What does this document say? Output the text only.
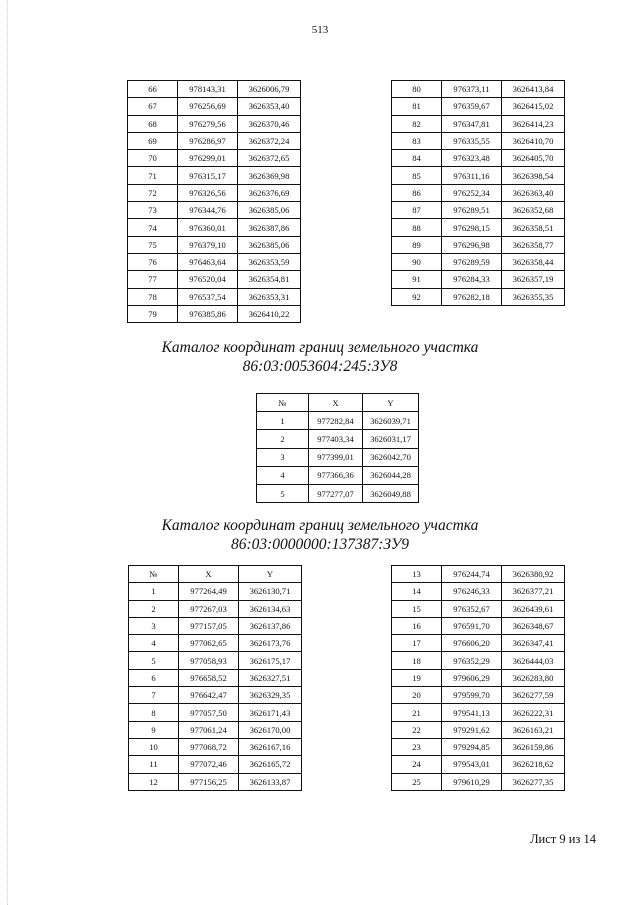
513
66	978143,31	3626006,79
67	976256,69	3626353,40
68	976279,56	3626370,46
69	976286,97	3626372,24
70	976299,01	3626372,65
71	976315,17	3626369,98
72	976326,56	3626376,69
73	976344,76	3626385,06
74	976360,01	3626387,86
75	976379,10	3626385,06
76	976463,64	3626353,59
77	976520,04	3626354,81
78	976537,54	3626353,31
79	976385,86	3626410,22
80	976373,11	3626413,84
81	976359,67	3626415,02
82	976347,81	3626414,23
83	976335,55	3626410,70
84	976323,48	3626405,70
85	976311,16	3626398,54
86	976252,34	3626363,40
87	976289,51	3626352,68
88	976298,15	3626358,51
89	976296,98	3626358,77
90	976289,59	3626358,44
91	976284,33	3626357,19
92	976282,18	3626355,35
Каталог координат границ земельного участка
86:03:0053604:245:ЗУ8
№	X	Y
1	977282,84	3626039,71
2	977403,34	3626031,17
3	977399,01	3626042,70
4	977366,36	3626044,28
5	977277,07	3626049,88
Каталог координат границ земельного участка
86:03:0000000:137387:ЗУ9
№	X	Y
1	977264,49	3626130,71
2	977267,03	3626134,63
3	977157,05	3626137,86
4	977062,65	3626173,76
5	977058,93	3626175,17
6	976658,52	3626327,51
7	976642,47	3626329,35
8	977057,50	3626171,43
9	977061,24	3626170,00
10	977068,72	3626167,16
11	977072,46	3626165,72
12	977156,25	3626133,87
13	976244,74	3626380,92
14	976246,33	3626377,21
15	976352,67	3626439,61
16	976591,70	3626348,67
17	976606,20	3626347,41
18	976352,29	3626444,03
19	979606,29	3626283,80
20	979599,70	3626277,59
21	979541,13	3626222,31
22	979291,62	3626163,21
23	979294,85	3626159,86
24	979543,01	3626218,62
25	979610,29	3626277,35
Лист 9 из 14
